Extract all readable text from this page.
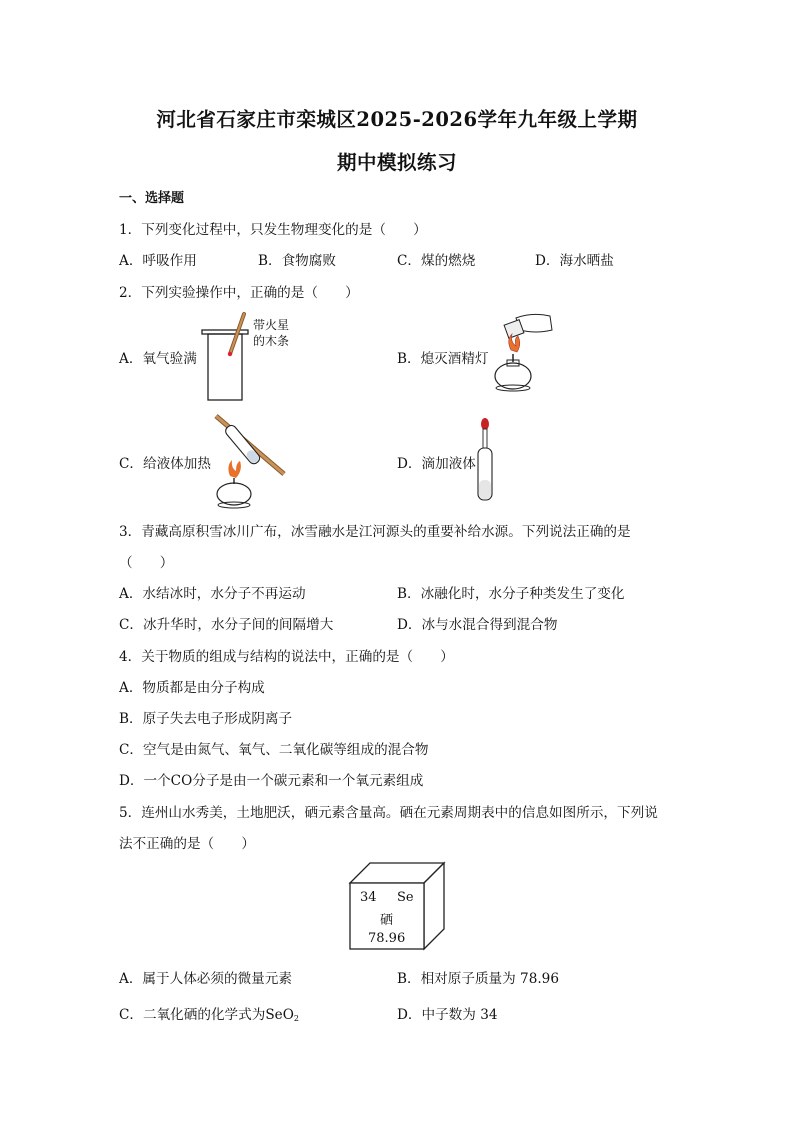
河北省石家庄市栾城区2025-2026学年九年级上学期
期中模拟练习
一、选择题
1．下列变化过程中，只发生物理变化的是（　　）
A．呼吸作用	B．食物腐败	C．煤的燃烧	D．海水晒盐
2．下列实验操作中，正确的是（　　）
带火星
的木条
A．氧气验满	B．熄灭酒精灯
C．给液体加热	D．滴加液体
3．青藏高原积雪冰川广布，冰雪融水是江河源头的重要补给水源。下列说法正确的是
（　　）
A．水结冰时，水分子不再运动	B．冰融化时，水分子种类发生了变化
C．冰升华时，水分子间的间隔增大	D．冰与水混合得到混合物
4．关于物质的组成与结构的说法中，正确的是（　　）
A．物质都是由分子构成
B．原子失去电子形成阴离子
C．空气是由氮气、氧气、二氧化碳等组成的混合物
D．一个CO分子是由一个碳元素和一个氧元素组成
5．连州山水秀美，土地肥沃，硒元素含量高。硒在元素周期表中的信息如图所示，下列说
法不正确的是（　　）
34 Se
硒
78.96
A．属于人体必须的微量元素	B．相对原子质量为 78.96
C．二氧化硒的化学式为SeO$_2$	D．中子数为 34
